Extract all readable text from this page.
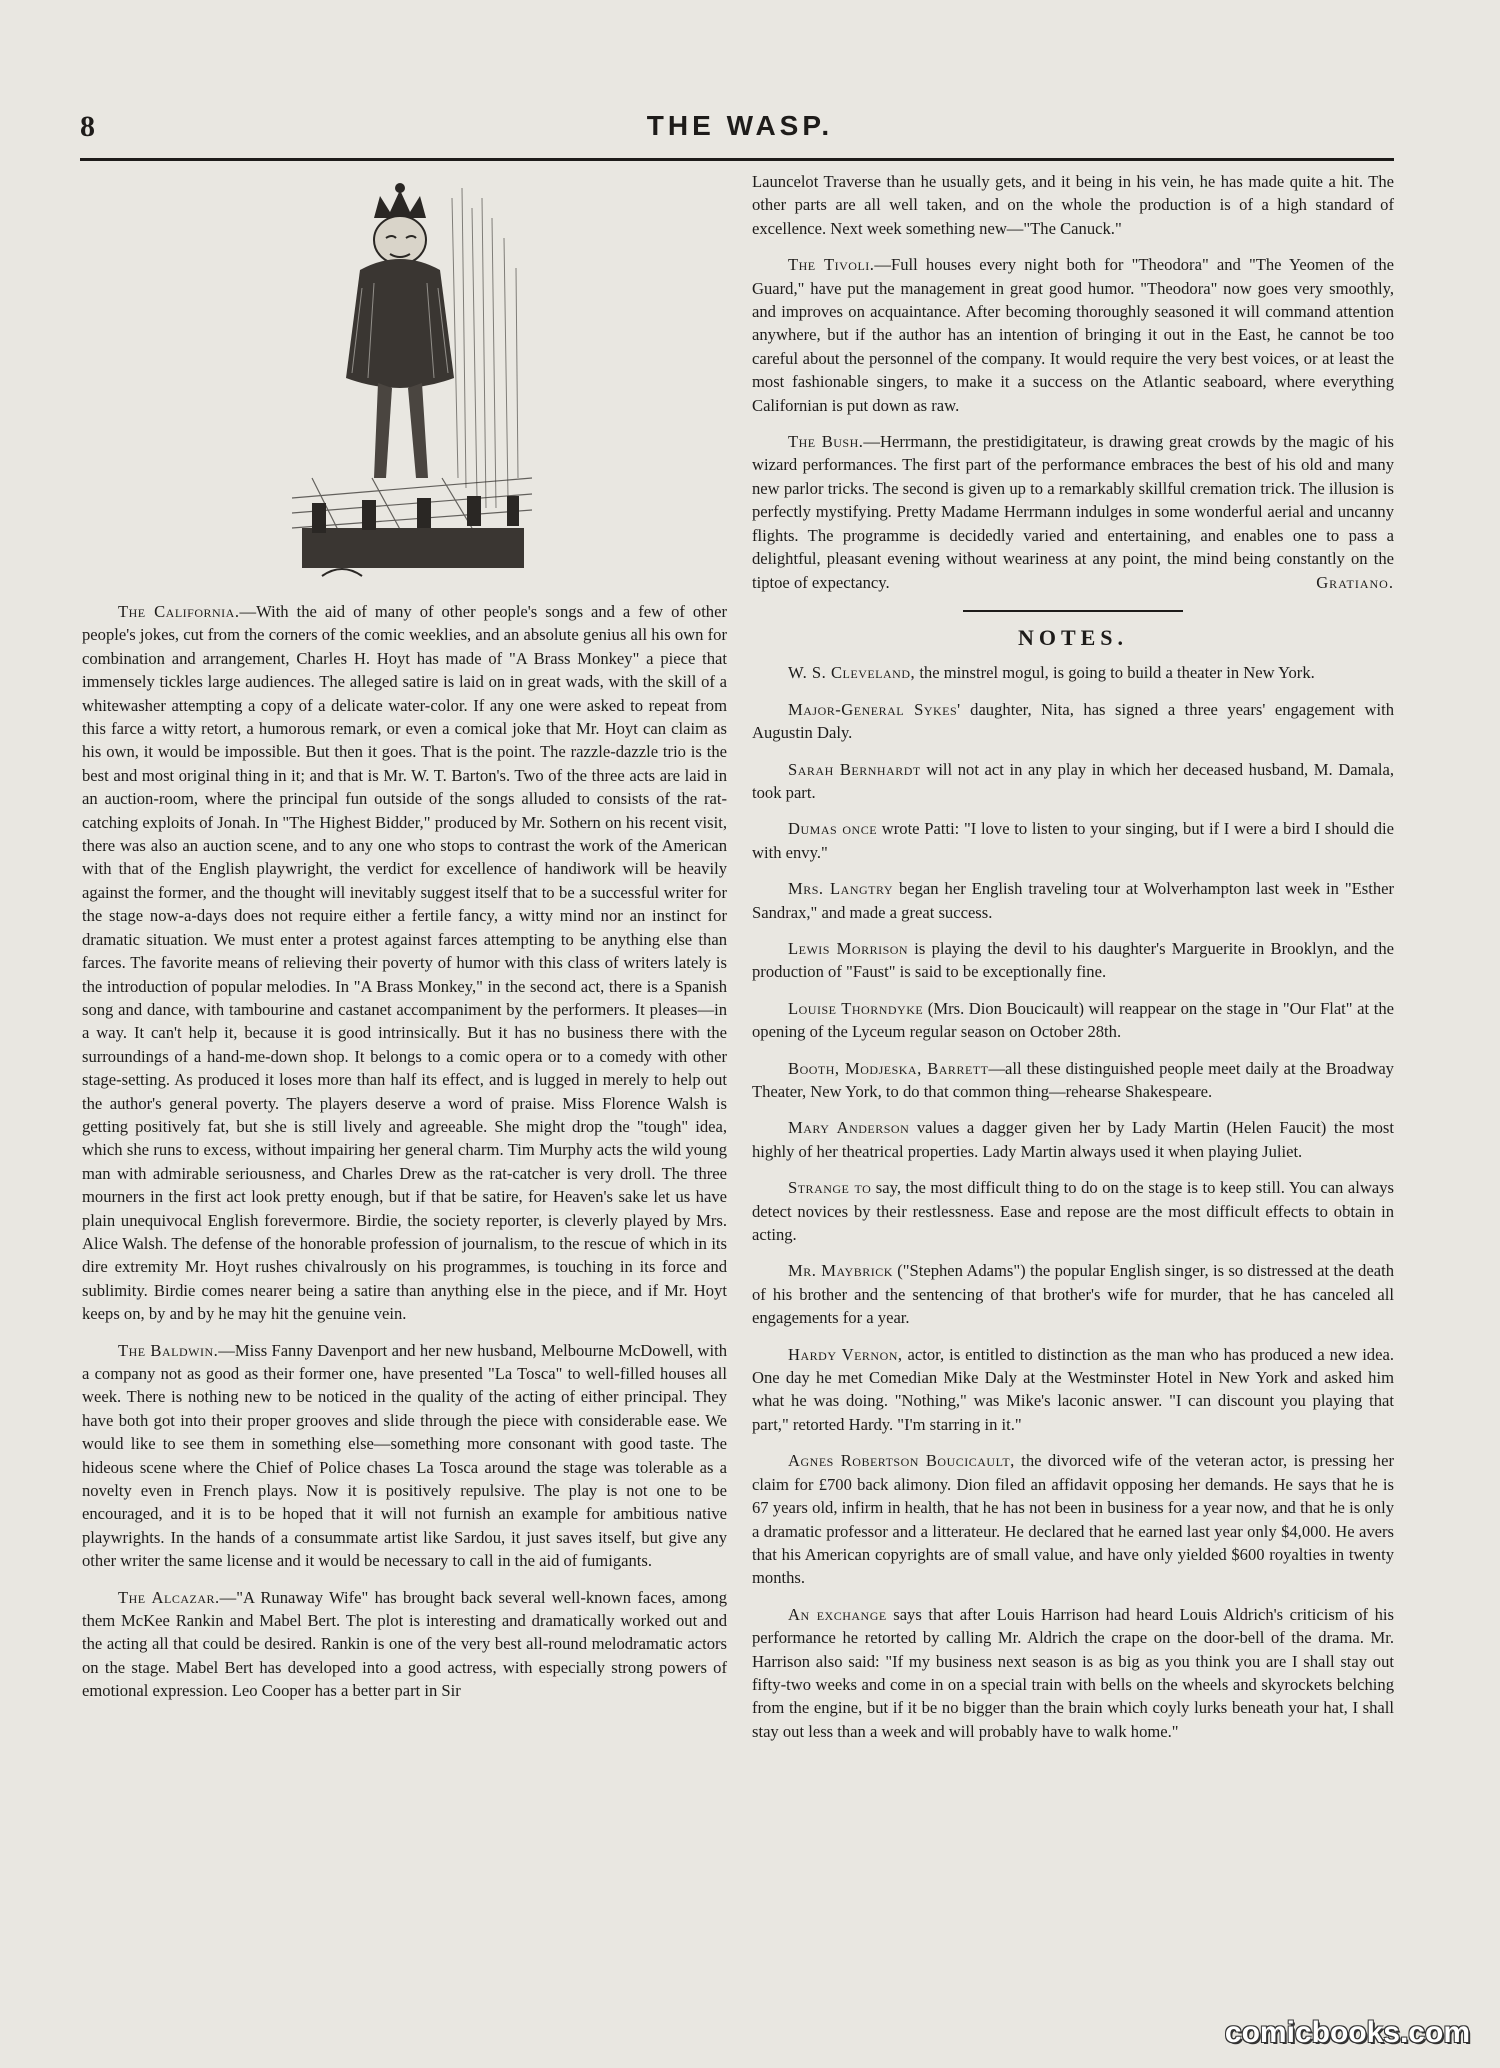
8	THE WASP.

The California.—With the aid of many of other people's songs and a few of other people's jokes, cut from the corners of the comic weeklies, and an absolute genius all his own for combination and arrangement, Charles H. Hoyt has made of "A Brass Monkey" a piece that immensely tickles large audiences. The alleged satire is laid on in great wads, with the skill of a whitewasher attempting a copy of a delicate water-color. If any one were asked to repeat from this farce a witty retort, a humorous remark, or even a comical joke that Mr. Hoyt can claim as his own, it would be impossible. But then it goes. That is the point. The razzle-dazzle trio is the best and most original thing in it; and that is Mr. W. T. Barton's. Two of the three acts are laid in an auction-room, where the principal fun outside of the songs alluded to consists of the rat-catching exploits of Jonah. In "The Highest Bidder," produced by Mr. Sothern on his recent visit, there was also an auction scene, and to any one who stops to contrast the work of the American with that of the English playwright, the verdict for excellence of handiwork will be heavily against the former, and the thought will inevitably suggest itself that to be a successful writer for the stage now-a-days does not require either a fertile fancy, a witty mind nor an instinct for dramatic situation. We must enter a protest against farces attempting to be anything else than farces. The favorite means of relieving their poverty of humor with this class of writers lately is the introduction of popular melodies. In "A Brass Monkey," in the second act, there is a Spanish song and dance, with tambourine and castanet accompaniment by the performers. It pleases—in a way. It can't help it, because it is good intrinsically. But it has no business there with the surroundings of a hand-me-down shop. It belongs to a comic opera or to a comedy with other stage-setting. As produced it loses more than half its effect, and is lugged in merely to help out the author's general poverty. The players deserve a word of praise. Miss Florence Walsh is getting positively fat, but she is still lively and agreeable. She might drop the "tough" idea, which she runs to excess, without impairing her general charm. Tim Murphy acts the wild young man with admirable seriousness, and Charles Drew as the rat-catcher is very droll. The three mourners in the first act look pretty enough, but if that be satire, for Heaven's sake let us have plain unequivocal English forevermore. Birdie, the society reporter, is cleverly played by Mrs. Alice Walsh. The defense of the honorable profession of journalism, to the rescue of which in its dire extremity Mr. Hoyt rushes chivalrously on his programmes, is touching in its force and sublimity. Birdie comes nearer being a satire than anything else in the piece, and if Mr. Hoyt keeps on, by and by he may hit the genuine vein.

The Baldwin.—Miss Fanny Davenport and her new husband, Melbourne McDowell, with a company not as good as their former one, have presented "La Tosca" to well-filled houses all week. There is nothing new to be noticed in the quality of the acting of either principal. They have both got into their proper grooves and slide through the piece with considerable ease. We would like to see them in something else—something more consonant with good taste. The hideous scene where the Chief of Police chases La Tosca around the stage was tolerable as a novelty even in French plays. Now it is positively repulsive. The play is not one to be encouraged, and it is to be hoped that it will not furnish an example for ambitious native playwrights. In the hands of a consummate artist like Sardou, it just saves itself, but give any other writer the same license and it would be necessary to call in the aid of fumigants.

The Alcazar.—"A Runaway Wife" has brought back several well-known faces, among them McKee Rankin and Mabel Bert. The plot is interesting and dramatically worked out and the acting all that could be desired. Rankin is one of the very best all-round melodramatic actors on the stage. Mabel Bert has developed into a good actress, with especially strong powers of emotional expression. Leo Cooper has a better part in Sir

Launcelot Traverse than he usually gets, and it being in his vein, he has made quite a hit. The other parts are all well taken, and on the whole the production is of a high standard of excellence. Next week something new—"The Canuck."

The Tivoli.—Full houses every night both for "Theodora" and "The Yeomen of the Guard," have put the management in great good humor. "Theodora" now goes very smoothly, and improves on acquaintance. After becoming thoroughly seasoned it will command attention anywhere, but if the author has an intention of bringing it out in the East, he cannot be too careful about the personnel of the company. It would require the very best voices, or at least the most fashionable singers, to make it a success on the Atlantic seaboard, where everything Californian is put down as raw.

The Bush.—Herrmann, the prestidigitateur, is drawing great crowds by the magic of his wizard performances. The first part of the performance embraces the best of his old and many new parlor tricks. The second is given up to a remarkably skillful cremation trick. The illusion is perfectly mystifying. Pretty Madame Herrmann indulges in some wonderful aerial and uncanny flights. The programme is decidedly varied and entertaining, and enables one to pass a delightful, pleasant evening without weariness at any point, the mind being constantly on the tiptoe of expectancy.	Gratiano.

NOTES.

W. S. Cleveland, the minstrel mogul, is going to build a theater in New York.

Major-General Sykes' daughter, Nita, has signed a three years' engagement with Augustin Daly.

Sarah Bernhardt will not act in any play in which her deceased husband, M. Damala, took part.

Dumas once wrote Patti: "I love to listen to your singing, but if I were a bird I should die with envy."

Mrs. Langtry began her English traveling tour at Wolverhampton last week in "Esther Sandrax," and made a great success.

Lewis Morrison is playing the devil to his daughter's Marguerite in Brooklyn, and the production of "Faust" is said to be exceptionally fine.

Louise Thorndyke (Mrs. Dion Boucicault) will reappear on the stage in "Our Flat" at the opening of the Lyceum regular season on October 28th.

Booth, Modjeska, Barrett—all these distinguished people meet daily at the Broadway Theater, New York, to do that common thing—rehearse Shakespeare.

Mary Anderson values a dagger given her by Lady Martin (Helen Faucit) the most highly of her theatrical properties. Lady Martin always used it when playing Juliet.

Strange to say, the most difficult thing to do on the stage is to keep still. You can always detect novices by their restlessness. Ease and repose are the most difficult effects to obtain in acting.

Mr. Maybrick ("Stephen Adams") the popular English singer, is so distressed at the death of his brother and the sentencing of that brother's wife for murder, that he has canceled all engagements for a year.

Hardy Vernon, actor, is entitled to distinction as the man who has produced a new idea. One day he met Comedian Mike Daly at the Westminster Hotel in New York and asked him what he was doing. "Nothing," was Mike's laconic answer. "I can discount you playing that part," retorted Hardy. "I'm starring in it."

Agnes Robertson Boucicault, the divorced wife of the veteran actor, is pressing her claim for £700 back alimony. Dion filed an affidavit opposing her demands. He says that he is 67 years old, infirm in health, that he has not been in business for a year now, and that he is only a dramatic professor and a litterateur. He declared that he earned last year only $4,000. He avers that his American copyrights are of small value, and have only yielded $600 royalties in twenty months.

An exchange says that after Louis Harrison had heard Louis Aldrich's criticism of his performance he retorted by calling Mr. Aldrich the crape on the door-bell of the drama. Mr. Harrison also said: "If my business next season is as big as you think you are I shall stay out fifty-two weeks and come in on a special train with bells on the wheels and skyrockets belching from the engine, but if it be no bigger than the brain which coyly lurks beneath your hat, I shall stay out less than a week and will probably have to walk home."

comicbooks.com
